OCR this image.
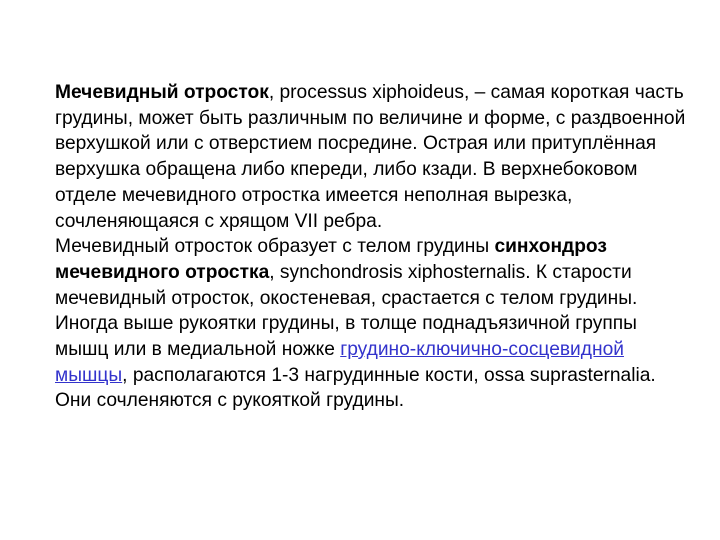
Мечевидный отросток, processus xiphoideus, – самая короткая часть грудины, может быть различным по величине и форме, с раздвоенной верхушкой или с отверстием посредине. Острая или притуплённая верхушка обращена либо кпереди, либо кзади. В верхнебоковом отделе мечевидного отростка имеется неполная вырезка, сочленяющаяся с хрящом VII ребра.

Мечевидный отросток образует с телом грудины синхондроз мечевидного отростка, synchondrosis xiphosternalis. К старости мечевидный отросток, окостеневая, срастается с телом грудины.

Иногда выше рукоятки грудины, в толще поднадъязичной группы мышц или в медиальной ножке грудино-ключично-сосцевидной мышцы, располагаются 1-3 нагрудинные кости, ossa suprasternalia. Они сочленяются с рукояткой грудины.
